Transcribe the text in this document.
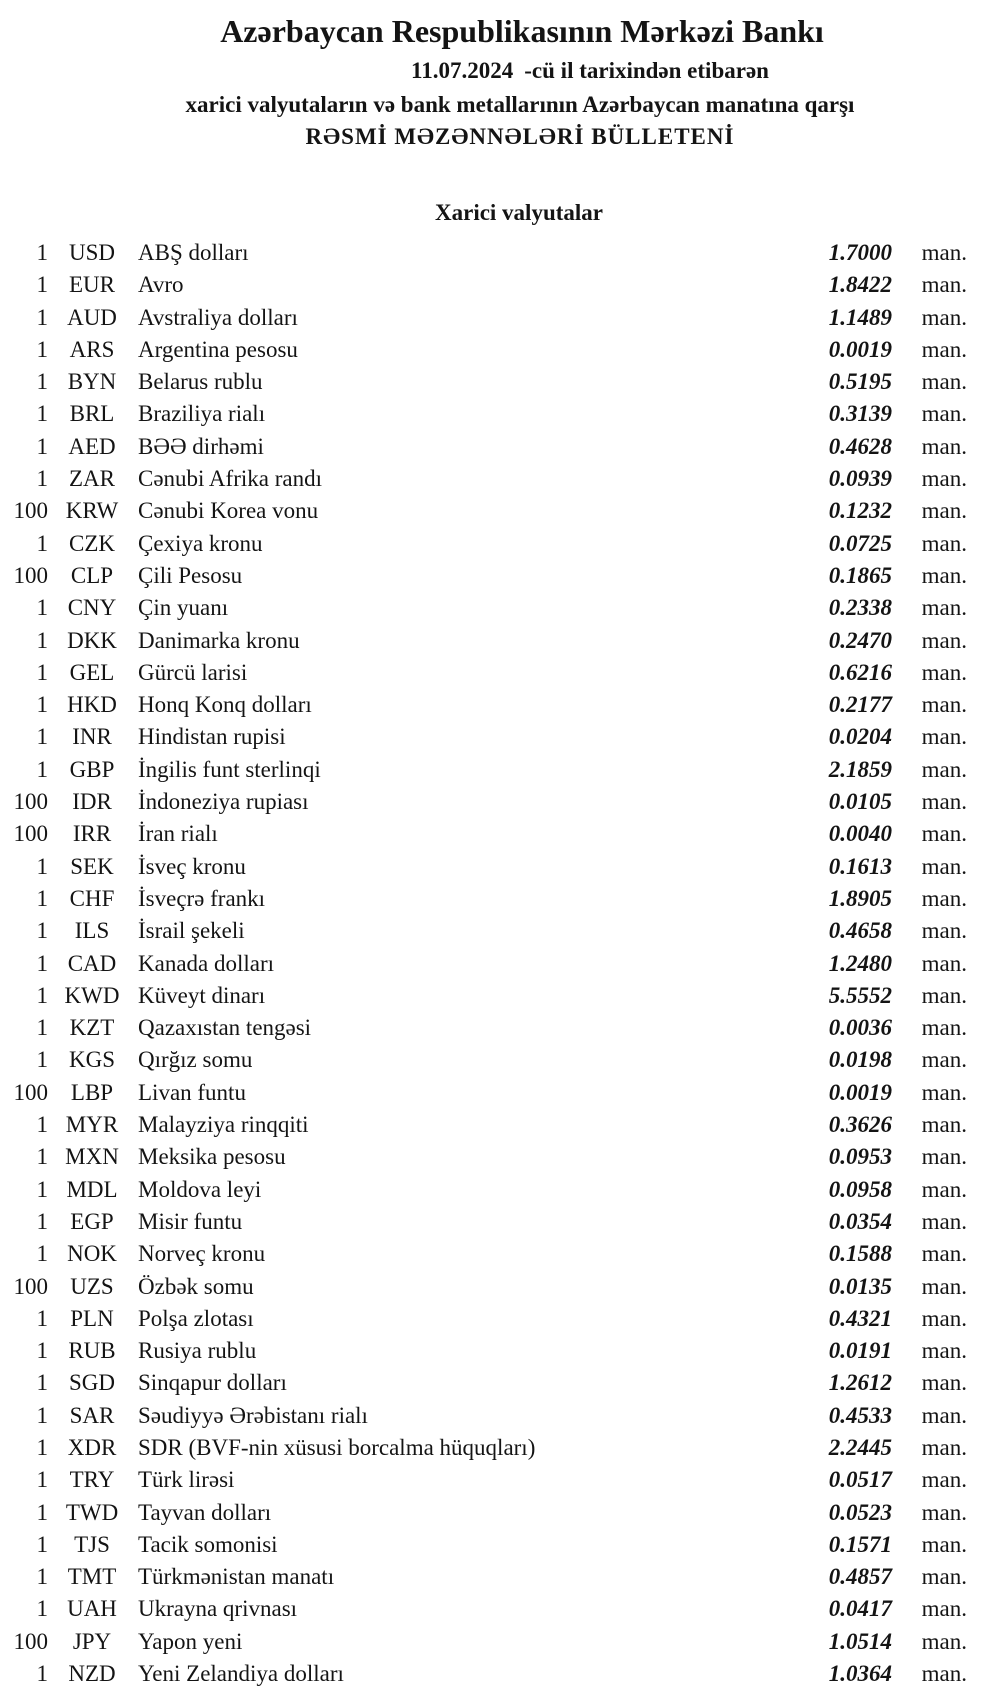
Azərbaycan Respublikasının Mərkəzi Bankı
11.07.2024 -cü il tarixindən etibarən
xarici valyutaların və bank metallarının Azərbaycan manatına qarşı
RƏSMİ MƏZƏNNƏLƏRİ BÜLLETENİ
Xarici valyutalar
1 USD	ABŞ dolları	1.7000	man.
1 EUR	Avro	1.8422	man.
1 AUD Avstraliya dolları	1.1489	man.
1 ARS	Argentina pesosu	0.0019	man.
1 BYN Belarus rublu	0.5195	man.
1 BRL	Braziliya rialı	0.3139	man.
1 AED BƏƏ dirhəmi	0.4628	man.
1 ZAR	Cənubi Afrika randı	0.0939	man.
100 KRW Cənubi Korea vonu	0.1232	man.
1 CZK	Çexiya kronu	0.0725	man.
100 CLP	Çili Pesosu	0.1865	man.
1 CNY Çin yuanı	0.2338	man.
1 DKK Danimarka kronu	0.2470	man.
1 GEL	Gürcü larisi	0.6216	man.
1 HKD Honq Konq dolları	0.2177	man.
1	INR	Hindistan rupisi	0.0204	man.
1 GBP	İngilis funt sterlinqi	2.1859	man.
100	IDR	İndoneziya rupiası	0.0105	man.
100	IRR	İran rialı	0.0040	man.
1 SEK	İsveç kronu	0.1613	man.
1 CHF	İsveçrə frankı	1.8905	man.
1	ILS	İsrail şekeli	0.4658	man.
1 CAD Kanada dolları	1.2480	man.
1 KWD Küveyt dinarı	5.5552	man.
1 KZT	Qazaxıstan tengəsi	0.0036	man.
1 KGS	Qırğız somu	0.0198	man.
100 LBP	Livan funtu	0.0019	man.
1 MYR Malayziya rinqqiti	0.3626	man.
1 MXN Meksika pesosu	0.0953	man.
1 MDL Moldova leyi	0.0958	man.
1 EGP	Misir funtu	0.0354	man.
1 NOK Norveç kronu	0.1588	man.
100 UZS	Özbək somu	0.0135	man.
1 PLN	Polşa zlotası	0.4321	man.
1 RUB Rusiya rublu	0.0191	man.
1 SGD	Sinqapur dolları	1.2612	man.
1 SAR	Səudiyyə Ərəbistanı rialı	0.4533	man.
1 XDR SDR (BVF-nin xüsusi borcalma hüquqları)	2.2445	man.
1 TRY	Türk lirəsi	0.0517	man.
1 TWD Tayvan dolları	0.0523	man.
1	TJS	Tacik somonisi	0.1571	man.
1 TMT Türkmənistan manatı	0.4857	man.
1 UAH Ukrayna qrivnası	0.0417	man.
100	JPY	Yapon yeni	1.0514	man.
1 NZD Yeni Zelandiya dolları	1.0364	man.
